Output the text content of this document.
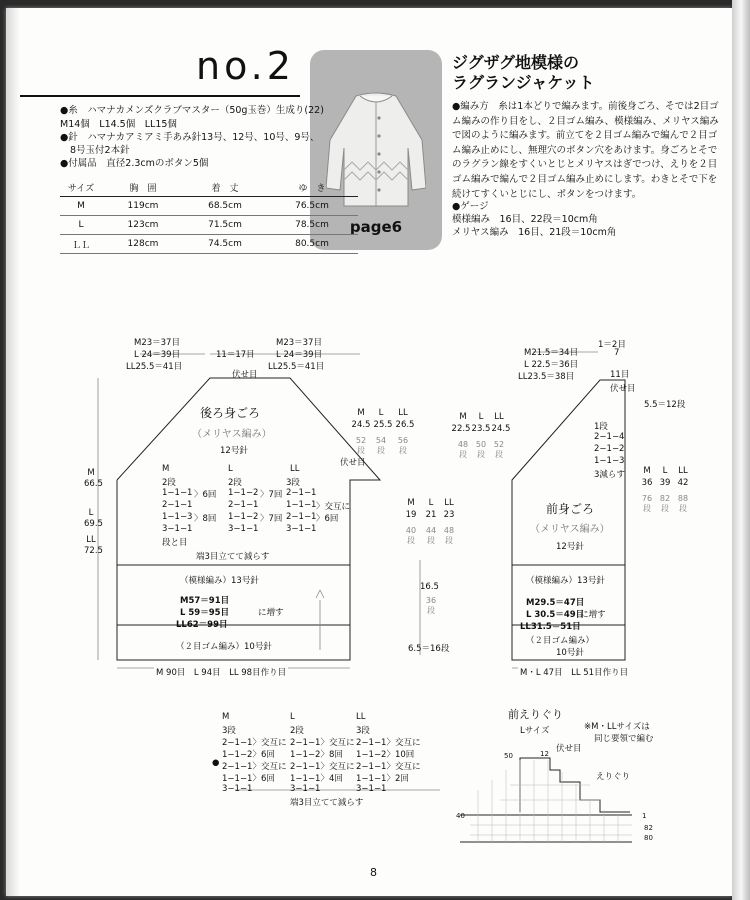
no.2
page6
ジグザグ地模様の
ラグランジャケット
●糸　ハマナカメンズクラブマスター（50g玉巻）生成り(22)
M14個　L14.5個　LL15個
●針　ハマナカアミアミ手あみ針13号、12号、10号、9号、
8号玉付2本針
●付属品　直径2.3cmのボタン5個
サイズ	胸　囲	着　丈	ゆ　き
M	119cm	68.5cm	76.5cm
L	123cm	71.5cm	78.5cm
ＬＬ	128cm	74.5cm	80.5cm
●編み方　糸は1本どりで編みます。前後身ごろ、そでは2目ゴム編みの作り目をし、２目ゴム編み、模様編み、メリヤス編みで図のように編みます。前立てを２目ゴム編みで編んで２目ゴム編み止めにし、無理穴のボタン穴をあけます。身ごろとそでのラグラン線をすくいとじとメリヤスはぎでつけ、えりを２目ゴム編みで編んで２目ゴム編み止めにします。わきとそで下を続けてすくいとじにし、ボタンをつけます。
●ゲージ
模様編み　16目、22段＝10cm角
メリヤス編み　16目、21段＝10cm角
M23＝37目
L 24＝39目
LL25.5＝41目
11＝17目
M23＝37目
L 24＝39目
LL25.5＝41目
伏せ目
後ろ身ごろ
（メリヤス編み）
12号針
M
66.5
L
69.5
LL
72.5
M
2段
1−1−1
2−1−1
1−1−3
3−1−1
〉6回
〉8回
L
2段
1−1−2
2−1−1
1−1−2
3−1−1
〉7回
〉7回
LL
3段
2−1−1
1−1−1
2−1−1
3−1−1
〉交互に
〉6回
段と目
端3目立てて減らす
（模様編み）13号針
M57＝91目
L 59＝95目
LL62＝99目
に増す
（２目ゴム編み）10号針
M 90目　L 94目　LL 98目作り目
伏せ目
M	L	LL
24.5 25.5 26.5
52段
54段
56段
M	L	LL
22.5 23.5 24.5
48段
50段
52段
M	L	LL
19 21 23
40段
44段
48段
16.5
36段
6.5＝16段
M21.5＝34目
L 22.5＝36目
LL23.5＝38目
1＝2目
7
11目
伏せ目
5.5＝12段
1段
2−1−4
2−1−2
1−1−3
3減らす
前身ごろ
（メリヤス編み）
12号針
M	L	LL
36 39 42
76段
82段
88段
（模様編み）13号針
M29.5＝47目
L 30.5＝49目
LL31.5＝51目
に増す
（２目ゴム編み）
10号針
M・L 47目　LL 51目作り目
M
3段
2−1−1〉交互に
1−1−2〉6回
2−1−1〉交互に
1−1−1〉6回
3−1−1
L
2段
2−1−1〉交互に
1−1−2〉8回
2−1−1〉交互に
1−1−1〉4回
3−1−1
LL
3段
2−1−1〉交互に
1−1−2〉10回
2−1−1〉交互に
1−1−1〉2回
3−1−1
●
端3目立てて減らす
前えりぐり
Lサイズ	※M・LLサイズは
同じ要領で編む
伏せ目
えりぐり
50
40	1
12
82
80
8
